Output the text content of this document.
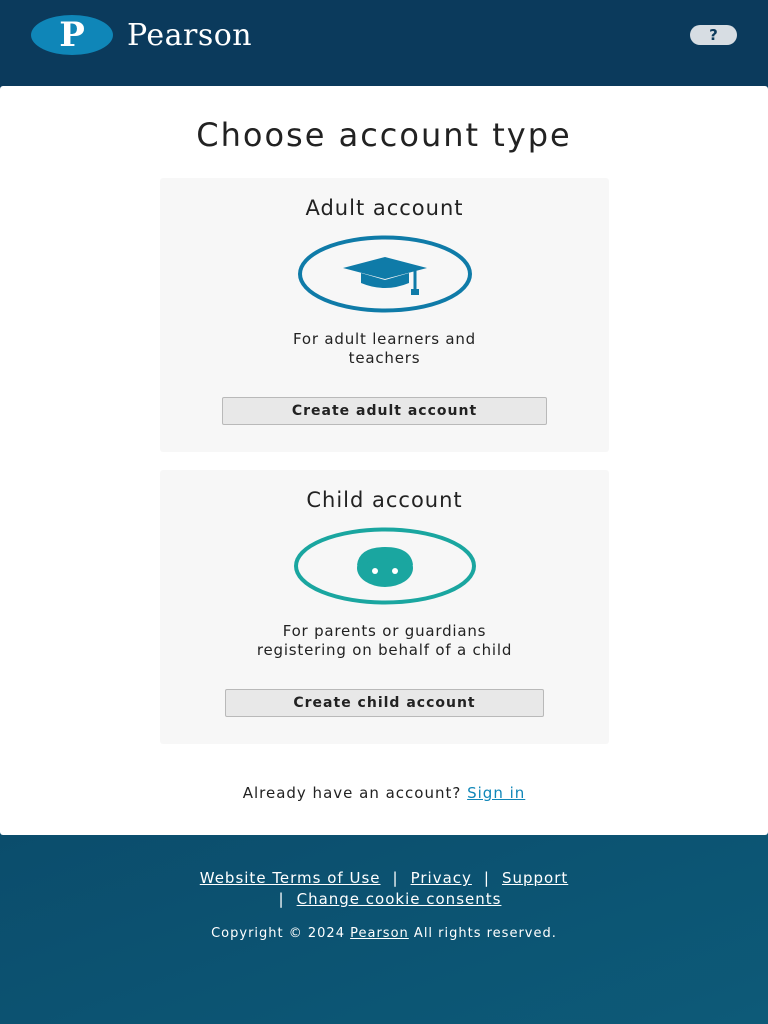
P	Pearson	?
Choose account type
Adult account
For adult learners and
teachers
Create adult account
Child account
For parents or guardians
registering on behalf of a child
Create child account
Already have an account? Sign in
Website Terms of Use | Privacy | Support
| Change cookie consents
Copyright © 2024 Pearson All rights reserved.
